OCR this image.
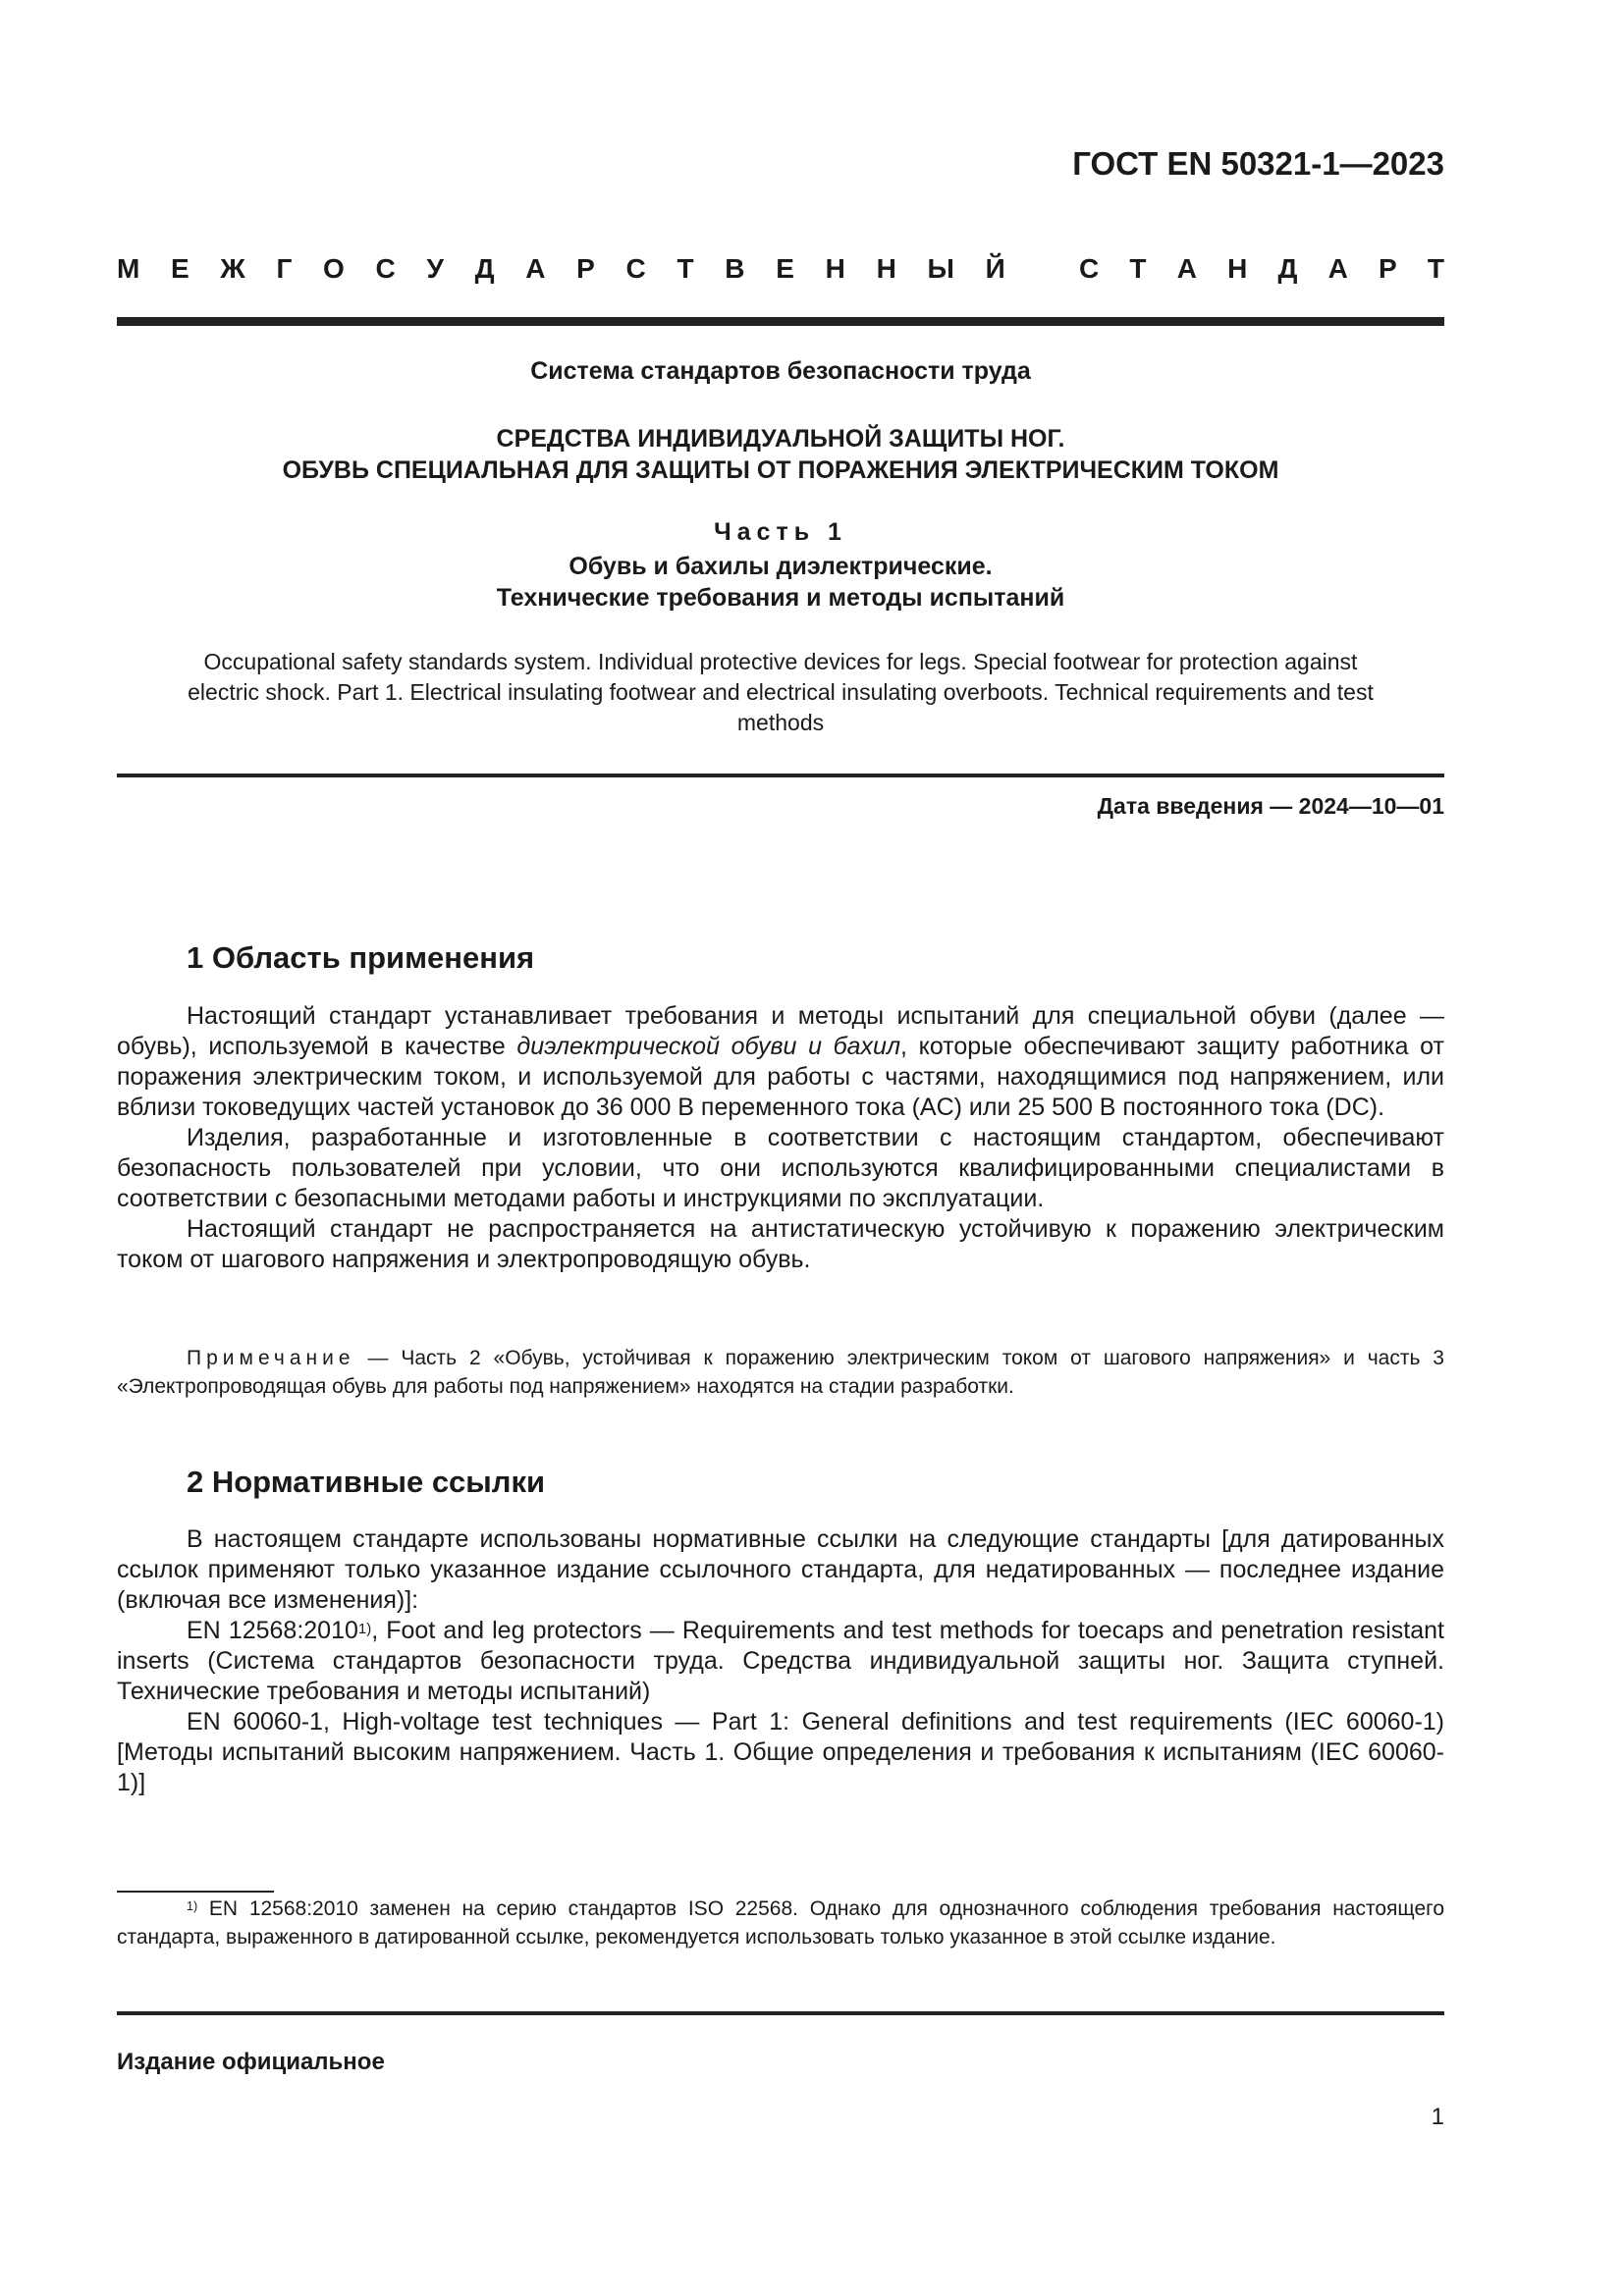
ГОСТ EN 50321-1—2023
М Е Ж Г О С У Д А Р С Т В Е Н Н Ы Й	С Т А Н Д А Р Т
Система стандартов безопасности труда
СРЕДСТВА ИНДИВИДУАЛЬНОЙ ЗАЩИТЫ НОГ.
ОБУВЬ СПЕЦИАЛЬНАЯ ДЛЯ ЗАЩИТЫ ОТ ПОРАЖЕНИЯ ЭЛЕКТРИЧЕСКИМ ТОКОМ
Часть 1
Обувь и бахилы диэлектрические.
Технические требования и методы испытаний
Occupational safety standards system. Individual protective devices for legs. Special footwear for protection against
electric shock. Part 1. Electrical insulating footwear and electrical insulating overboots. Technical requirements and test
methods
Дата введения — 2024—10—01
1 Область применения

Настоящий стандарт устанавливает требования и методы испытаний для специальной обуви (далее — обувь), используемой в качестве диэлектрической обуви и бахил, которые обеспечивают защиту работника от поражения электрическим током, и используемой для работы с частями, находящимися под напряжением, или вблизи токоведущих частей установок до 36 000 В переменного тока (AC) или 25 500 В постоянного тока (DC).

Изделия, разработанные и изготовленные в соответствии с настоящим стандартом, обеспечивают безопасность пользователей при условии, что они используются квалифицированными специалистами в соответствии с безопасными методами работы и инструкциями по эксплуатации.

Настоящий стандарт не распространяется на антистатическую устойчивую к поражению электрическим током от шагового напряжения и электропроводящую обувь.

Примечание — Часть 2 «Обувь, устойчивая к поражению электрическим током от шагового напряжения» и часть 3 «Электропроводящая обувь для работы под напряжением» находятся на стадии разработки.
2 Нормативные ссылки

В настоящем стандарте использованы нормативные ссылки на следующие стандарты [для датированных ссылок применяют только указанное издание ссылочного стандарта, для недатированных — последнее издание (включая все изменения)]:

EN 12568:2010$^{1)}$, Foot and leg protectors — Requirements and test methods for toecaps and penetration resistant inserts (Система стандартов безопасности труда. Средства индивидуальной защиты ног. Защита ступней. Технические требования и методы испытаний)

EN 60060-1, High-voltage test techniques — Part 1: General definitions and test requirements (IEC 60060-1) [Методы испытаний высоким напряжением. Часть 1. Общие определения и требования к испытаниям (IEC 60060-1)]

$^{1)}$ EN 12568:2010 заменен на серию стандартов ISO 22568. Однако для однозначного соблюдения требования настоящего стандарта, выраженного в датированной ссылке, рекомендуется использовать только указанное в этой ссылке издание.
Издание официальное
1
